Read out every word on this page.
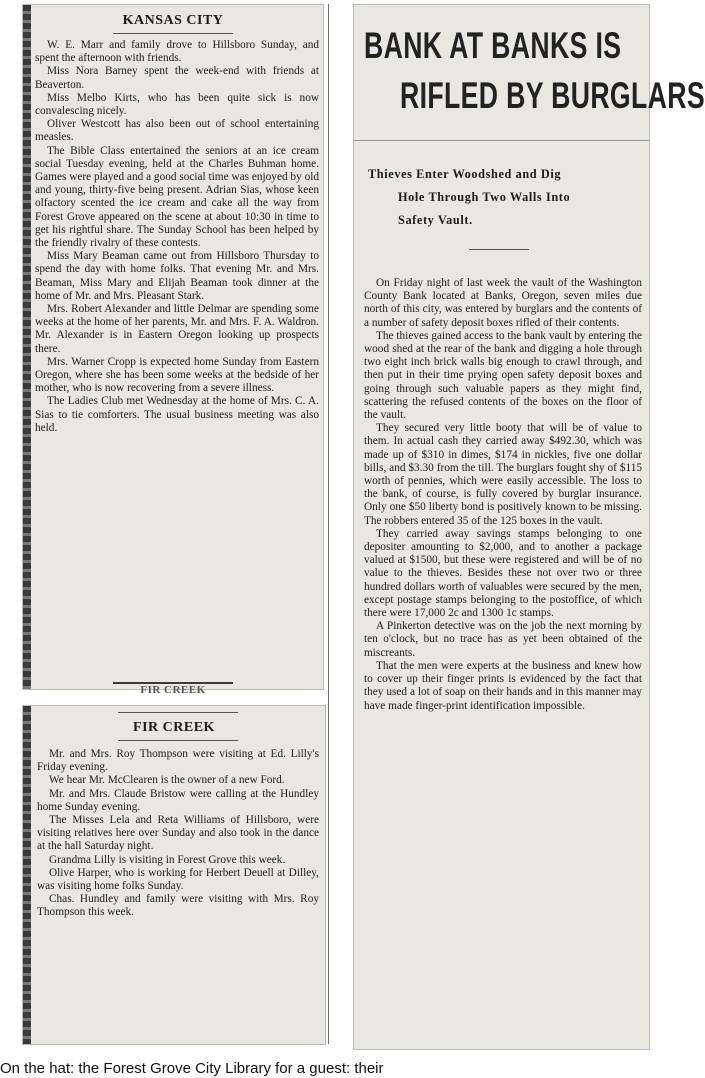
KANSAS CITY

W. E. Marr and family drove to Hillsboro Sunday, and spent the afternoon with friends.

Miss Nora Barney spent the week-end with friends at Beaverton.

Miss Melbo Kirts, who has been quite sick is now convalescing nicely.

Oliver Westcott has also been out of school entertaining measles.

The Bible Class entertained the seniors at an ice cream social Tuesday evening, held at the Charles Buhman home. Games were played and a good social time was enjoyed by old and young, thirty-five being present. Adrian Sias, whose keen olfactory scented the ice cream and cake all the way from Forest Grove appeared on the scene at about 10:30 in time to get his rightful share. The Sunday School has been helped by the friendly rivalry of these contests.

Miss Mary Beaman came out from Hillsboro Thursday to spend the day with home folks. That evening Mr. and Mrs. Beaman, Miss Mary and Elijah Beaman took dinner at the home of Mr. and Mrs. Pleasant Stark.

Mrs. Robert Alexander and little Delmar are spending some weeks at the home of her parents, Mr. and Mrs. F. A. Waldron. Mr. Alexander is in Eastern Oregon looking up prospects there.

Mrs. Warner Cropp is expected home Sunday from Eastern Oregon, where she has been some weeks at the bedside of her mother, who is now recovering from a severe illness.

The Ladies Club met Wednesday at the home of Mrs. C. A. Sias to tie comforters. The usual business meeting was also held.

FIR CREEK
FIR CREEK

Mr. and Mrs. Roy Thompson were visiting at Ed. Lilly's Friday evening.

We hear Mr. McClearen is the owner of a new Ford.

Mr. and Mrs. Claude Bristow were calling at the Hundley home Sunday evening.

The Misses Lela and Reta Williams of Hillsboro, were visiting relatives here over Sunday and also took in the dance at the hall Saturday night.

Grandma Lilly is visiting in Forest Grove this week.

Olive Harper, who is working for Herbert Deuell at Dilley, was visiting home folks Sunday.

Chas. Hundley and family were visiting with Mrs. Roy Thompson this week.

BANK AT BANKS IS
RIFLED BY BURGLARS

Thieves Enter Woodshed and Dig

Hole Through Two Walls Into

Safety Vault.

On Friday night of last week the vault of the Washington County Bank located at Banks, Oregon, seven miles due north of this city, was entered by burglars and the contents of a number of safety deposit boxes rifled of their contents.

The thieves gained access to the bank vault by entering the wood shed at the rear of the bank and digging a hole through two eight inch brick walls big enough to crawl through, and then put in their time prying open safety deposit boxes and going through such valuable papers as they might find, scattering the refused contents of the boxes on the floor of the vault.

They secured very little booty that will be of value to them. In actual cash they carried away $492.30, which was made up of $310 in dimes, $174 in nickles, five one dollar bills, and $3.30 from the till. The burglars fought shy of $115 worth of pennies, which were easily accessible. The loss to the bank, of course, is fully covered by burglar insurance. Only one $50 liberty bond is positively known to be missing. The robbers entered 35 of the 125 boxes in the vault.

They carried away savings stamps belonging to one depositer amounting to $2,000, and to another a package valued at $1500, but these were registered and will be of no value to the thieves. Besides these not over two or three hundred dollars worth of valuables were secured by the men, except postage stamps belonging to the postoffice, of which there were 17,000 2c and 1300 1c stamps.

A Pinkerton detective was on the job the next morning by ten o'clock, but no trace has as yet been obtained of the miscreants.

That the men were experts at the business and knew how to cover up their finger prints is evidenced by the fact that they used a lot of soap on their hands and in this manner may have made finger-print identification impossible.

On the hat: the Forest Grove City Library for a guest: their
